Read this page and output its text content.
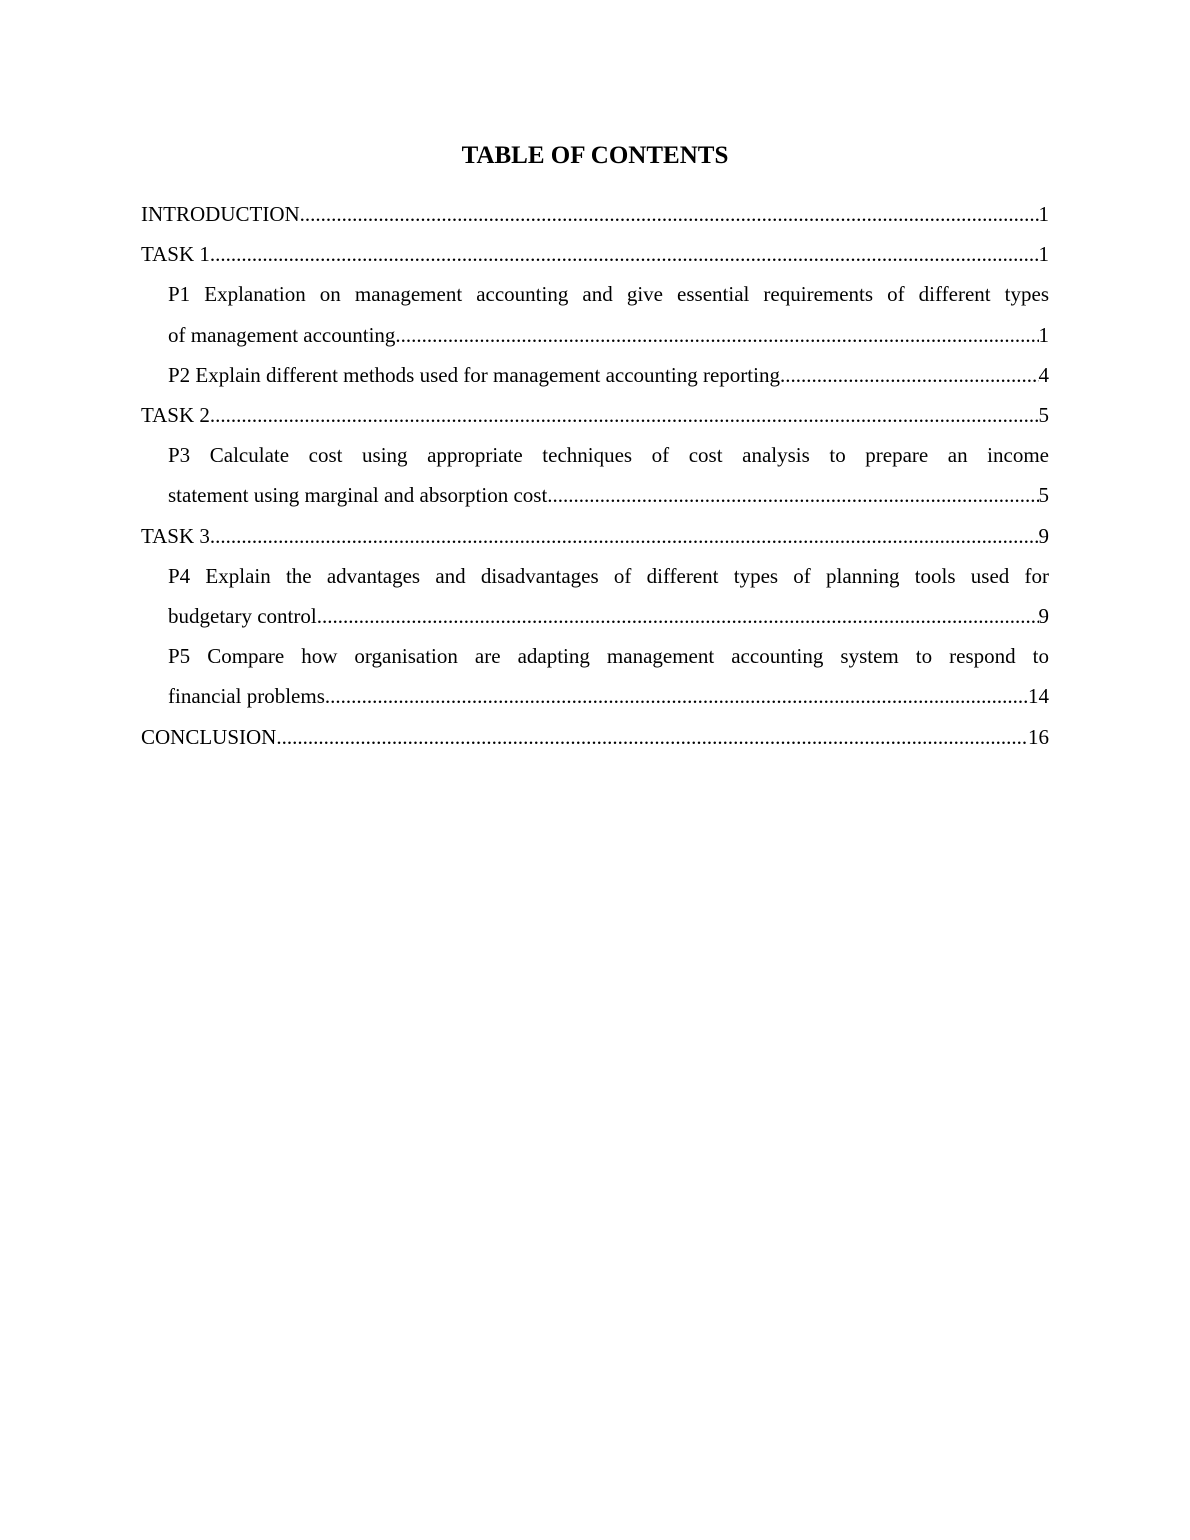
TABLE OF CONTENTS
INTRODUCTION .....	1
TASK 1 .....	1
P1 Explanation on management accounting and give essential requirements of different types
of management accounting .....	1
P2 Explain different methods used for management accounting reporting .....	4
TASK 2 .....	5
P3 Calculate cost using appropriate techniques of cost analysis to prepare an income
statement using marginal and absorption cost .....	5
TASK 3 .....	9
P4 Explain the advantages and disadvantages of different types of planning tools used for
budgetary control .....	9
P5 Compare how organisation are adapting management accounting system to respond to
financial problems .....	14
CONCLUSION .....	16
